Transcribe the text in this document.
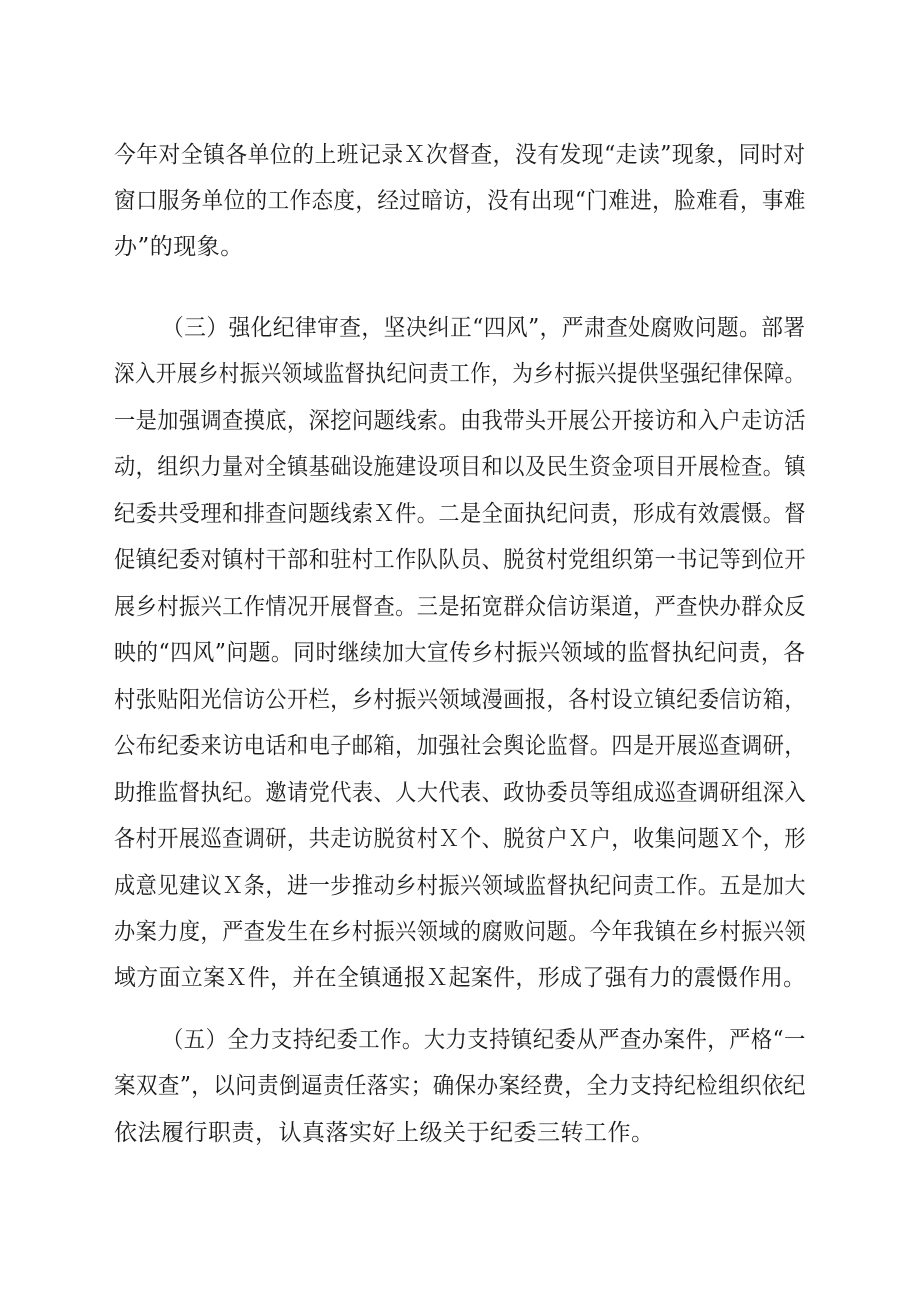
今年对全镇各单位的上班记录Ｘ次督查，没有发现“走读”现象，同时对
窗口服务单位的工作态度，经过暗访，没有出现“门难进，脸难看，事难
办”的现象。
（三）强化纪律审查，坚决纠正“四风”，严肃查处腐败问题。部署
深入开展乡村振兴领域监督执纪问责工作，为乡村振兴提供坚强纪律保障。
一是加强调查摸底，深挖问题线索。由我带头开展公开接访和入户走访活
动，组织力量对全镇基础设施建设项目和以及民生资金项目开展检查。镇
纪委共受理和排查问题线索Ｘ件。二是全面执纪问责，形成有效震慑。督
促镇纪委对镇村干部和驻村工作队队员、脱贫村党组织第一书记等到位开
展乡村振兴工作情况开展督查。三是拓宽群众信访渠道，严查快办群众反
映的“四风”问题。同时继续加大宣传乡村振兴领域的监督执纪问责，各
村张贴阳光信访公开栏，乡村振兴领域漫画报，各村设立镇纪委信访箱，
公布纪委来访电话和电子邮箱，加强社会舆论监督。四是开展巡查调研，
助推监督执纪。邀请党代表、人大代表、政协委员等组成巡查调研组深入
各村开展巡查调研，共走访脱贫村Ｘ个、脱贫户Ｘ户，收集问题Ｘ个，形
成意见建议Ｘ条，进一步推动乡村振兴领域监督执纪问责工作。五是加大
办案力度，严查发生在乡村振兴领域的腐败问题。今年我镇在乡村振兴领
域方面立案Ｘ件，并在全镇通报Ｘ起案件，形成了强有力的震慑作用。
（五）全力支持纪委工作。大力支持镇纪委从严查办案件，严格“一
案双查”，以问责倒逼责任落实；确保办案经费，全力支持纪检组织依纪
依法履行职责，认真落实好上级关于纪委三转工作。
